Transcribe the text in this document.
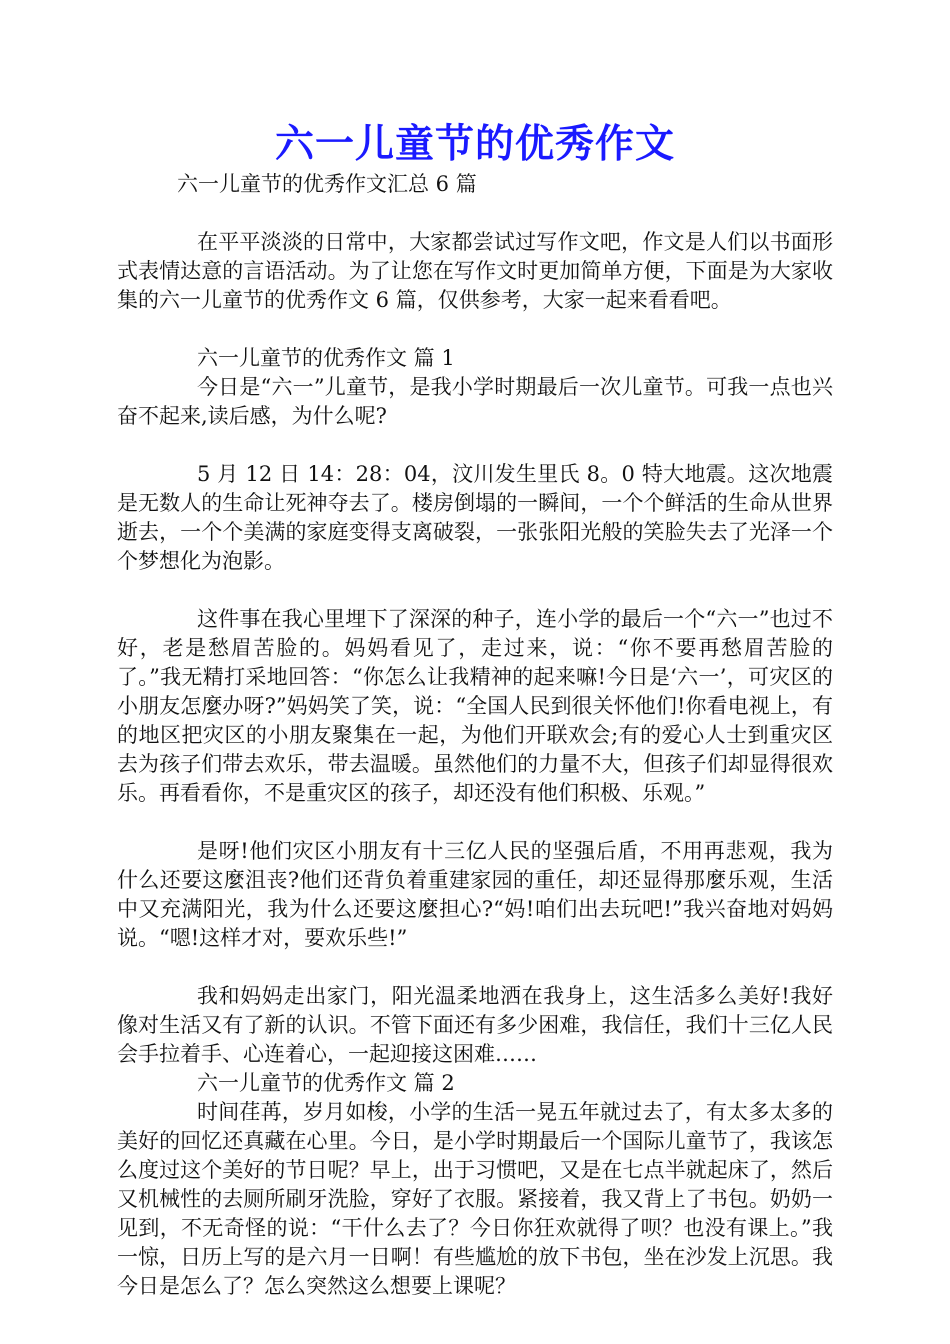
六一儿童节的优秀作文
六一儿童节的优秀作文汇总 6 篇

在平平淡淡的日常中，大家都尝试过写作文吧，作文是人们以书面形式表情达意的言语活动。为了让您在写作文时更加简单方便，下面是为大家收集的六一儿童节的优秀作文 6 篇，仅供参考，大家一起来看看吧。

六一儿童节的优秀作文 篇 1

今日是“六一”儿童节，是我小学时期最后一次儿童节。可我一点也兴奋不起来,读后感，为什么呢?

5 月 12 日 14：28：04，汶川发生里氏 8。0 特大地震。这次地震是无数人的生命让死神夺去了。楼房倒塌的一瞬间，一个个鲜活的生命从世界逝去，一个个美满的家庭变得支离破裂，一张张阳光般的笑脸失去了光泽一个个梦想化为泡影。

这件事在我心里埋下了深深的种子，连小学的最后一个“六一”也过不好，老是愁眉苦脸的。妈妈看见了，走过来，说：“你不要再愁眉苦脸的了。”我无精打采地回答：“你怎么让我精神的起来嘛!今日是‘六一’，可灾区的小朋友怎麼办呀?”妈妈笑了笑，说：“全国人民到很关怀他们!你看电视上，有的地区把灾区的小朋友聚集在一起，为他们开联欢会;有的爱心人士到重灾区去为孩子们带去欢乐，带去温暖。虽然他们的力量不大，但孩子们却显得很欢乐。再看看你，不是重灾区的孩子，却还没有他们积极、乐观。”

是呀!他们灾区小朋友有十三亿人民的坚强后盾，不用再悲观，我为什么还要这麼沮丧?他们还背负着重建家园的重任，却还显得那麼乐观，生活中又充满阳光，我为什么还要这麼担心?“妈!咱们出去玩吧!”我兴奋地对妈妈说。“嗯!这样才对，要欢乐些!”

我和妈妈走出家门，阳光温柔地洒在我身上，这生活多么美好!我好像对生活又有了新的认识。不管下面还有多少困难，我信任，我们十三亿人民会手拉着手、心连着心，一起迎接这困难……

六一儿童节的优秀作文 篇 2

时间荏苒，岁月如梭，小学的生活一晃五年就过去了，有太多太多的美好的回忆还真藏在心里。今日，是小学时期最后一个国际儿童节了，我该怎么度过这个美好的节日呢？早上，出于习惯吧，又是在七点半就起床了，然后又机械性的去厕所刷牙洗脸，穿好了衣服。紧接着，我又背上了书包。奶奶一见到，不无奇怪的说：“干什么去了？今日你狂欢就得了呗？也没有课上。”我一惊，日历上写的是六月一日啊！有些尴尬的放下书包，坐在沙发上沉思。我今日是怎么了？怎么突然这么想要上课呢？
